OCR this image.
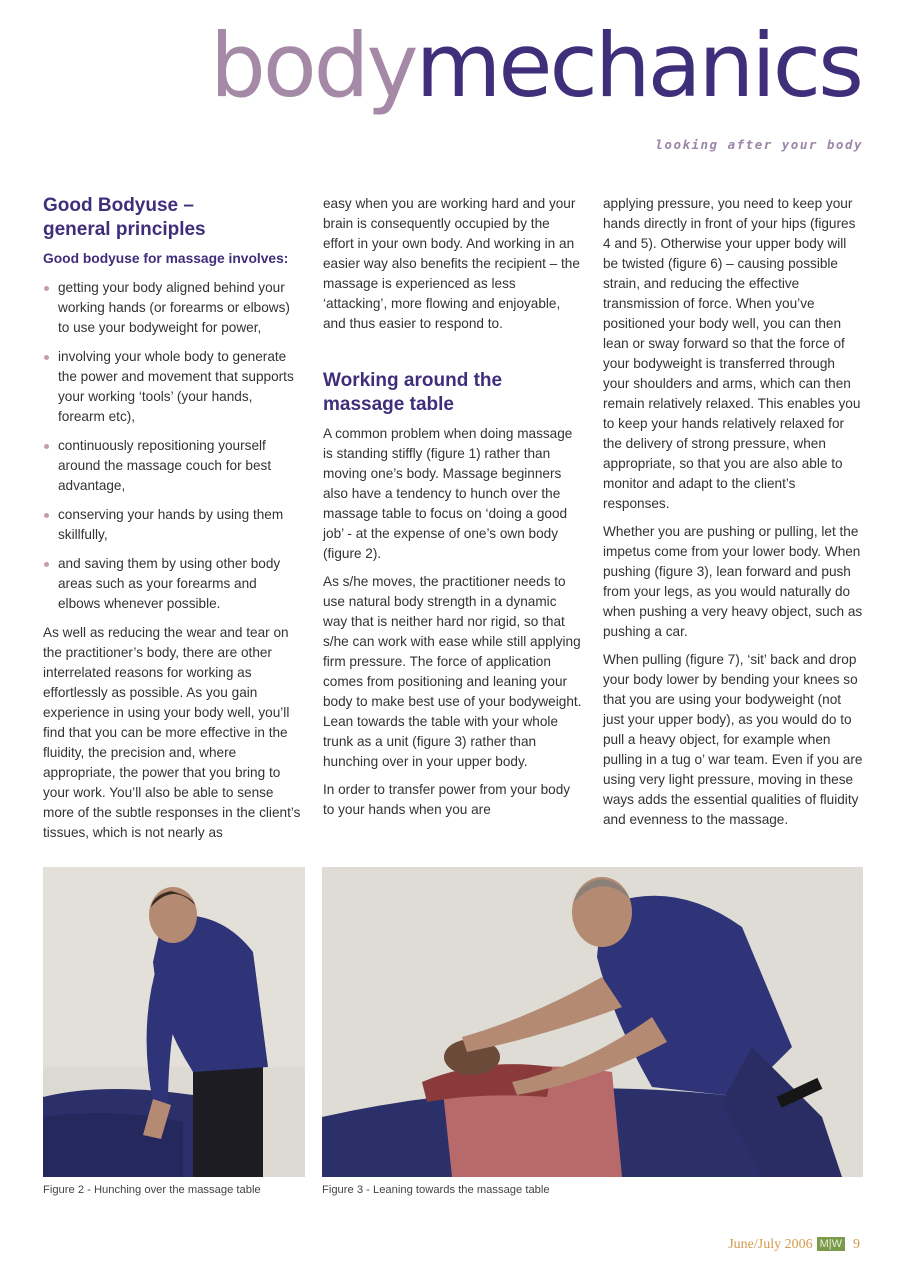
bodymechanics

looking after your body

Good Bodyuse –
general principles
Good bodyuse for massage involves:
getting your body aligned behind your working hands (or forearms or elbows) to use your bodyweight for power,
involving your whole body to generate the power and movement that supports your working ‘tools’ (your hands, forearm etc),
continuously repositioning yourself around the massage couch for best advantage,
conserving your hands by using them skillfully,
and saving them by using other body areas such as your forearms and elbows whenever possible.

As well as reducing the wear and tear on the practitioner’s body, there are other interrelated reasons for working as effortlessly as possible. As you gain experience in using your body well, you’ll find that you can be more effective in the fluidity, the precision and, where appropriate, the power that you bring to your work. You’ll also be able to sense more of the subtle responses in the client’s tissues, which is not nearly as

easy when you are working hard and your brain is consequently occupied by the effort in your own body. And working in an easier way also benefits the recipient – the massage is experienced as less ‘attacking’, more flowing and enjoyable, and thus easier to respond to.

Working around the
massage table

A common problem when doing massage is standing stiffly (figure 1) rather than moving one’s body. Massage beginners also have a tendency to hunch over the massage table to focus on ‘doing a good job’ - at the expense of one’s own body (figure 2).

As s/he moves, the practitioner needs to use natural body strength in a dynamic way that is neither hard nor rigid, so that s/he can work with ease while still applying firm pressure. The force of application comes from positioning and leaning your body to make best use of your bodyweight. Lean towards the table with your whole trunk as a unit (figure 3) rather than hunching over in your upper body.

In order to transfer power from your body to your hands when you are

applying pressure, you need to keep your hands directly in front of your hips (figures 4 and 5). Otherwise your upper body will be twisted (figure 6) – causing possible strain, and reducing the effective transmission of force. When you’ve positioned your body well, you can then lean or sway forward so that the force of your bodyweight is transferred through your shoulders and arms, which can then remain relatively relaxed. This enables you to keep your hands relatively relaxed for the delivery of strong pressure, when appropriate, so that you are also able to monitor and adapt to the client’s responses.

Whether you are pushing or pulling, let the impetus come from your lower body. When pushing (figure 3), lean forward and push from your legs, as you would naturally do when pushing a very heavy object, such as pushing a car.

When pulling (figure 7), ‘sit’ back and drop your body lower by bending your knees so that you are using your bodyweight (not just your upper body), as you would do to pull a heavy object, for example when pulling in a tug o’ war team. Even if you are using very light pressure, moving in these ways adds the essential qualities of fluidity and evenness to the massage.

Figure 2 - Hunching over the massage table	Figure 3 - Leaning towards the massage table

June/July 2006 M|W 9
